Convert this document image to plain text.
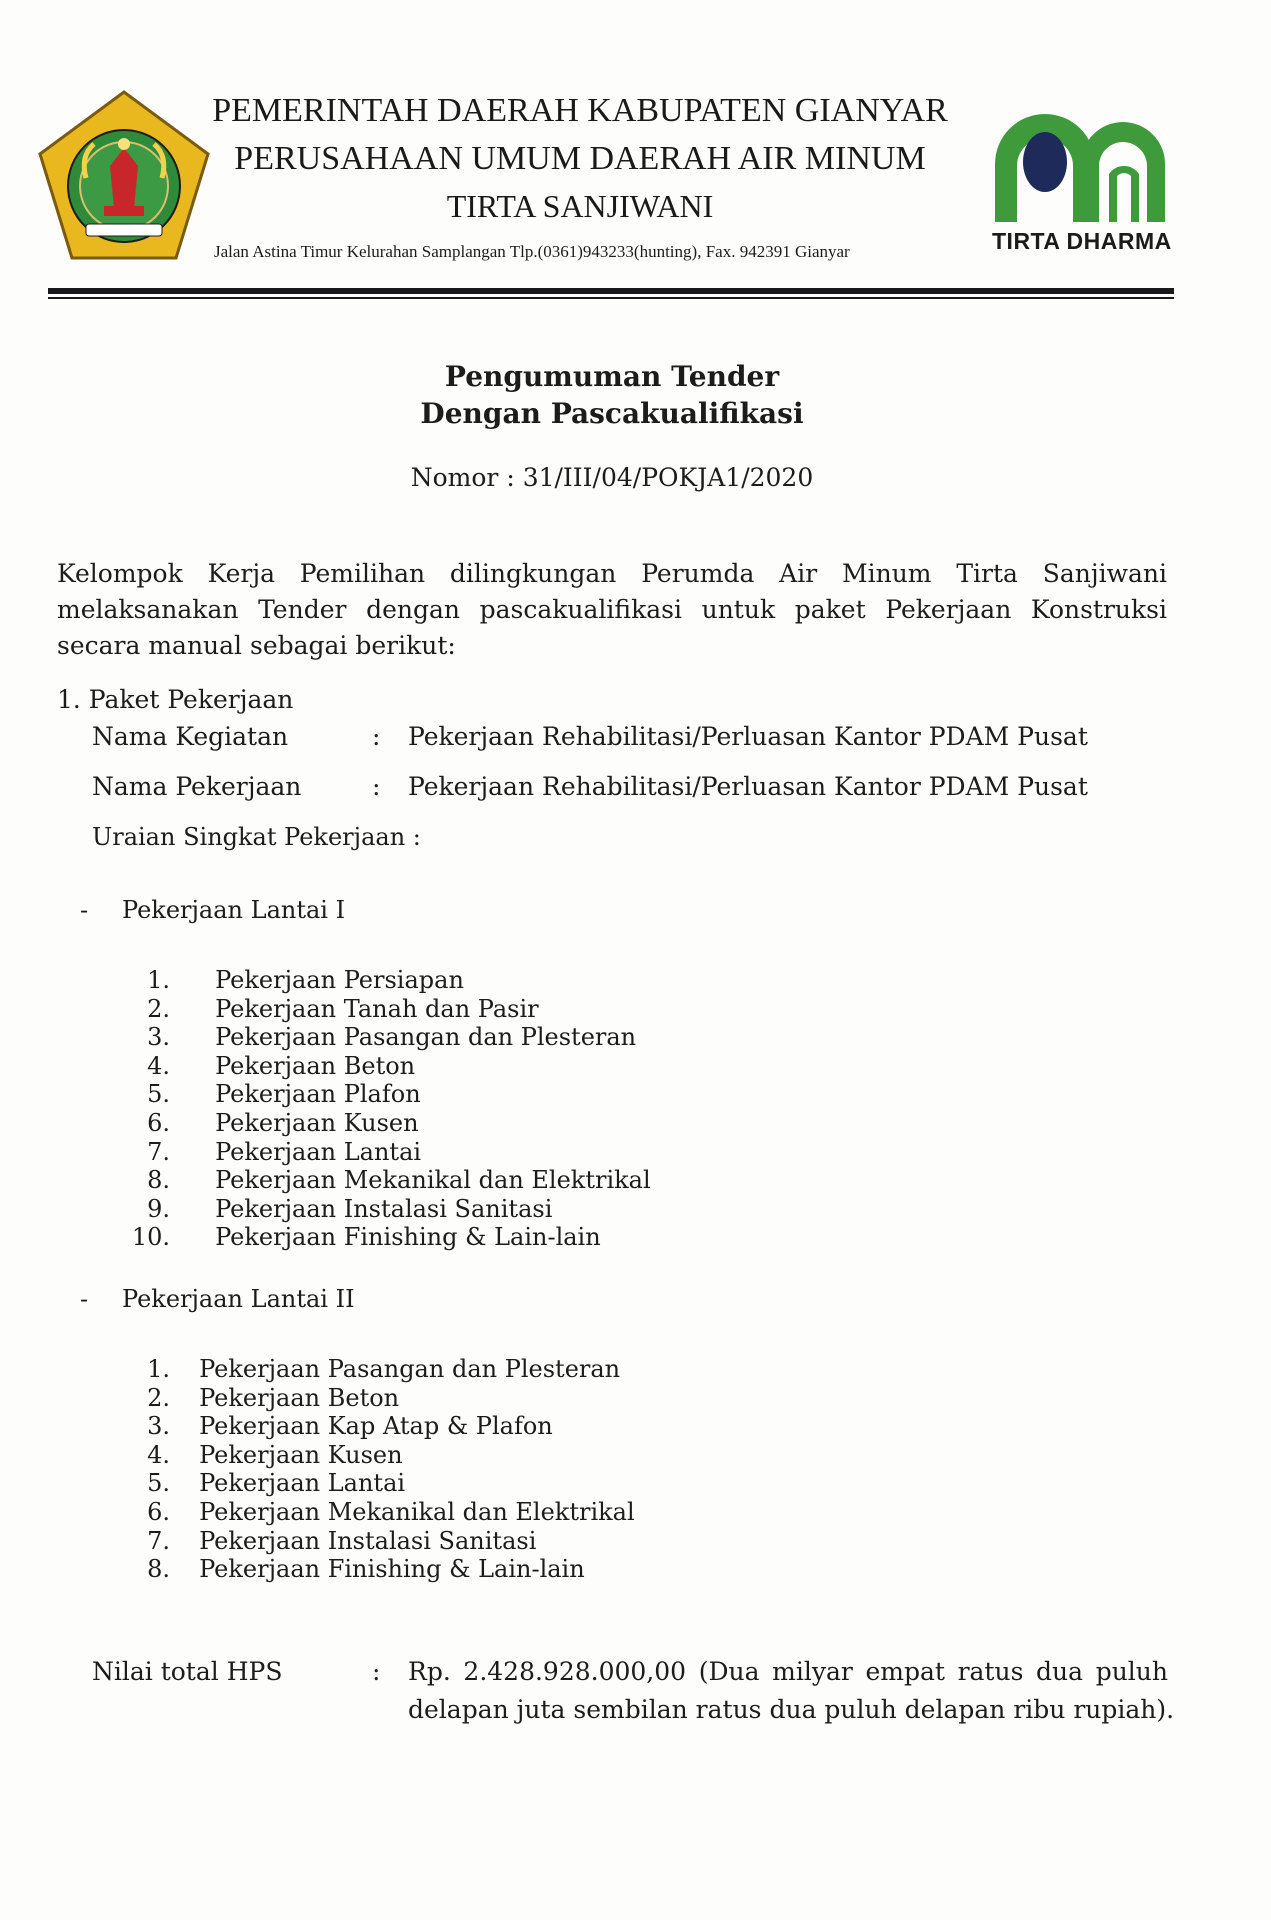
PEMERINTAH DAERAH KABUPATEN GIANYAR
PERUSAHAAN UMUM DAERAH AIR MINUM
TIRTA SANJIWANI
Jalan Astina Timur Kelurahan Samplangan Tlp.(0361)943233(hunting), Fax. 942391 Gianyar	TIRTA DHARMA
Pengumuman Tender
Dengan Pascakualifikasi
Nomor : 31/III/04/POKJA1/2020
Kelompok Kerja Pemilihan dilingkungan Perumda Air Minum Tirta Sanjiwani melaksanakan Tender dengan pascakualifikasi untuk paket Pekerjaan Konstruksi secara manual sebagai berikut:
1. Paket Pekerjaan
Nama Kegiatan	: Pekerjaan Rehabilitasi/Perluasan Kantor PDAM Pusat
Nama Pekerjaan	: Pekerjaan Rehabilitasi/Perluasan Kantor PDAM Pusat
Uraian Singkat Pekerjaan :
- Pekerjaan Lantai I
1. Pekerjaan Persiapan
2. Pekerjaan Tanah dan Pasir
3. Pekerjaan Pasangan dan Plesteran
4. Pekerjaan Beton
5. Pekerjaan Plafon
6. Pekerjaan Kusen
7. Pekerjaan Lantai
8. Pekerjaan Mekanikal dan Elektrikal
9. Pekerjaan Instalasi Sanitasi
10. Pekerjaan Finishing & Lain-lain
- Pekerjaan Lantai II
1. Pekerjaan Pasangan dan Plesteran
2. Pekerjaan Beton
3. Pekerjaan Kap Atap & Plafon
4. Pekerjaan Kusen
5. Pekerjaan Lantai
6. Pekerjaan Mekanikal dan Elektrikal
7. Pekerjaan Instalasi Sanitasi
8. Pekerjaan Finishing & Lain-lain
Nilai total HPS	: Rp. 2.428.928.000,00 (Dua milyar empat ratus dua puluh
delapan juta sembilan ratus dua puluh delapan ribu rupiah).
